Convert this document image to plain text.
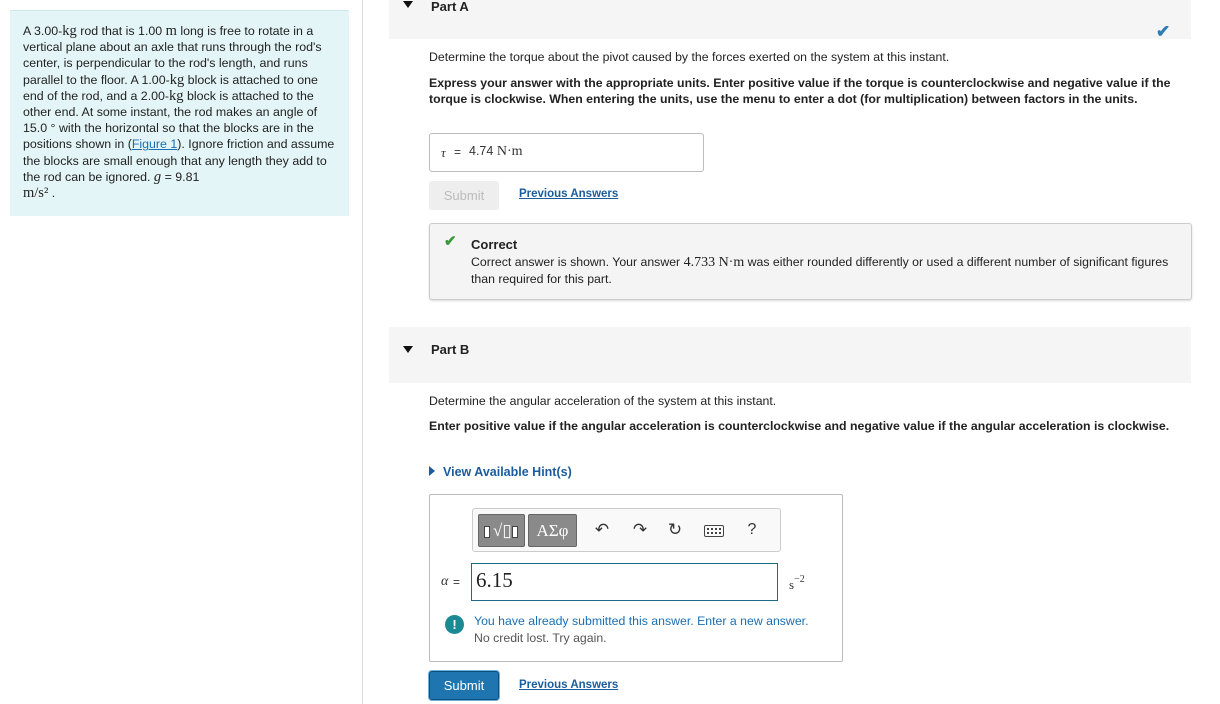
A 3.00-kg rod that is 1.00 m long is free to rotate in a vertical plane about an axle that runs through the rod's center, is perpendicular to the rod's length, and runs parallel to the floor. A 1.00-kg block is attached to one end of the rod, and a 2.00-kg block is attached to the other end. At some instant, the rod makes an angle of 15.0 ° with the horizontal so that the blocks are in the positions shown in (Figure 1). Ignore friction and assume the blocks are small enough that any length they add to the rod can be ignored. g = 9.81
m/s² .
Part A
✔
Determine the torque about the pivot caused by the forces exerted on the system at this instant.
Express your answer with the appropriate units. Enter positive value if the torque is counterclockwise and negative value if the torque is clockwise. When entering the units, use the menu to enter a dot (for multiplication) between factors in the units.
τ = 4.74 N·m
Submit	Previous Answers
✔ Correct
Correct answer is shown. Your answer 4.733 N·m was either rounded differently or used a different number of significant figures than required for this part.
Part B
Determine the angular acceleration of the system at this instant.
Enter positive value if the angular acceleration is counterclockwise and negative value if the angular acceleration is clockwise.
View Available Hint(s)
√▯	ΑΣφ	↶ ↷ ↻	?
α = 6.15	$s^{-2}$
!	You have already submitted this answer. Enter a new answer.
No credit lost. Try again.
Submit	Previous Answers
